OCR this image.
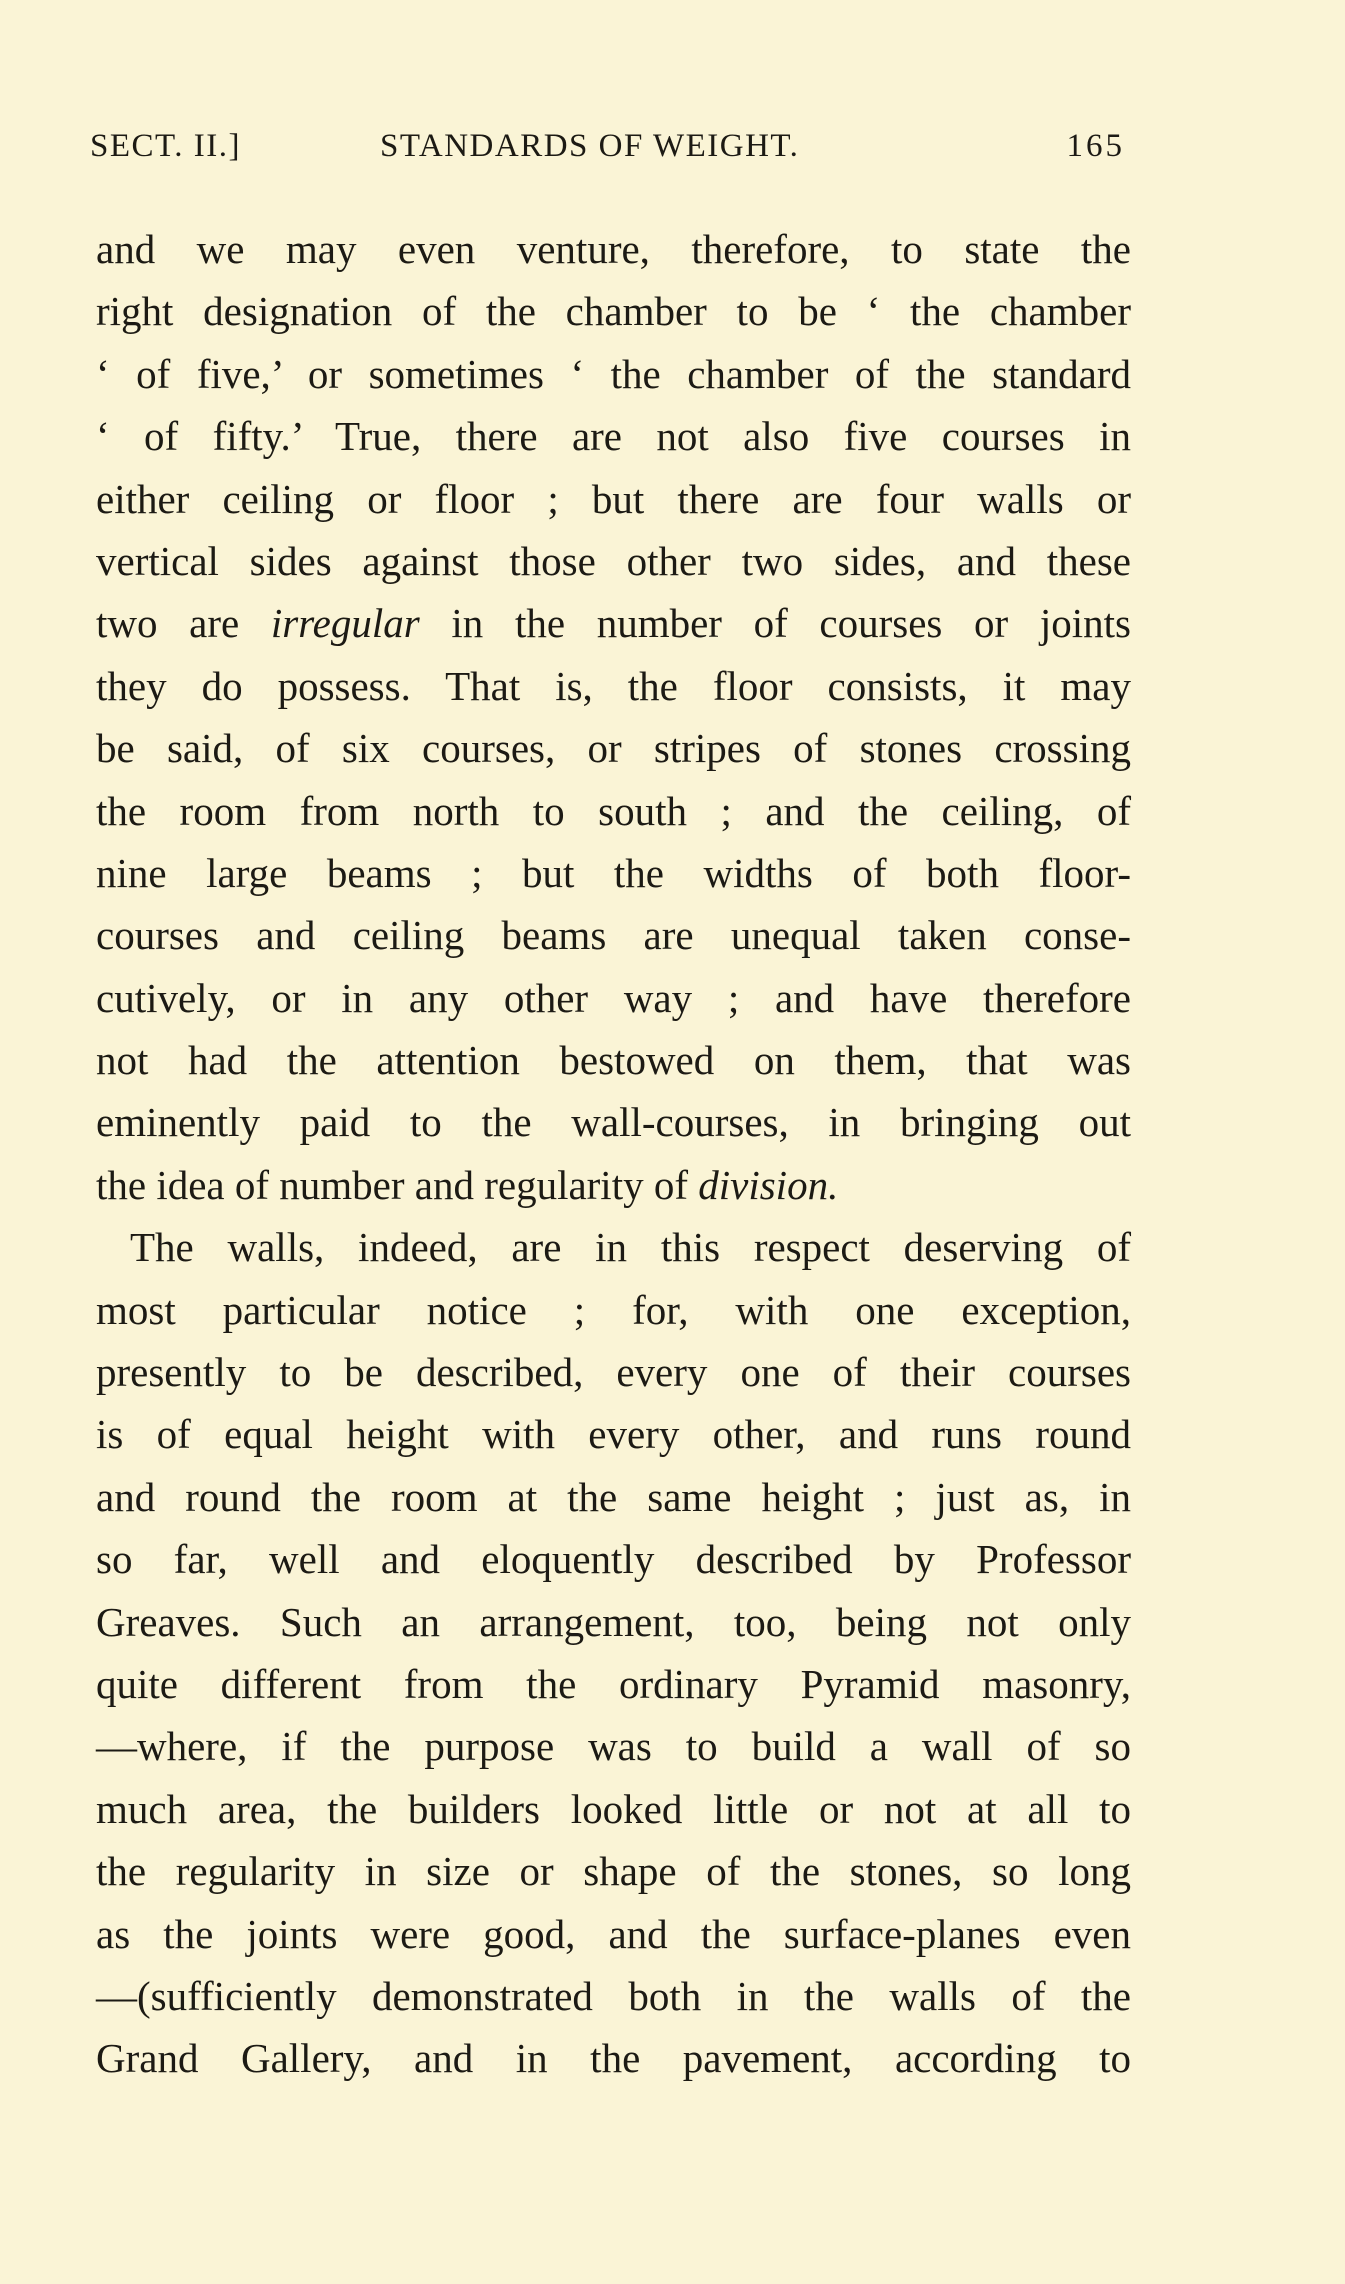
SECT. II.]	STANDARDS OF WEIGHT.	165
and we may even venture, therefore, to state the
right designation of the chamber to be ‘ the chamber
‘ of five,’ or sometimes ‘ the chamber of the standard
‘ of fifty.’ True, there are not also five courses in
either ceiling or floor ; but there are four walls or
vertical sides against those other two sides, and these
two are irregular in the number of courses or joints
they do possess. That is, the floor consists, it may
be said, of six courses, or stripes of stones crossing
the room from north to south ; and the ceiling, of
nine large beams ; but the widths of both floor-
courses and ceiling beams are unequal taken conse-
cutively, or in any other way ; and have therefore
not had the attention bestowed on them, that was
eminently paid to the wall-courses, in bringing out
the idea of number and regularity of division.
The walls, indeed, are in this respect deserving of
most particular notice ; for, with one exception,
presently to be described, every one of their courses
is of equal height with every other, and runs round
and round the room at the same height ; just as, in
so far, well and eloquently described by Professor
Greaves. Such an arrangement, too, being not only
quite different from the ordinary Pyramid masonry,
—where, if the purpose was to build a wall of so
much area, the builders looked little or not at all to
the regularity in size or shape of the stones, so long
as the joints were good, and the surface-planes even
—(sufficiently demonstrated both in the walls of the
Grand Gallery, and in the pavement, according to
